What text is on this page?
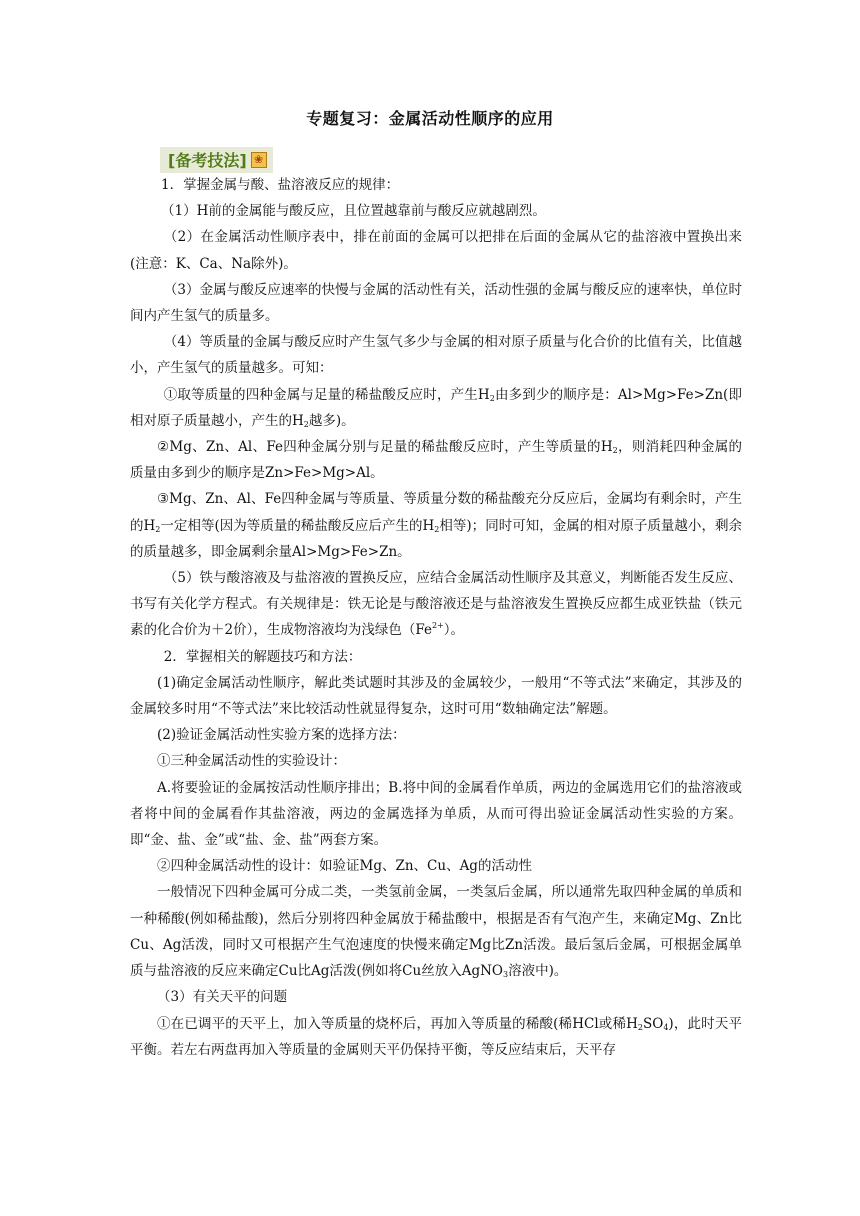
专题复习：金属活动性顺序的应用
[备考技法] ❀

1．掌握金属与酸、盐溶液反应的规律：

（1）H前的金属能与酸反应，且位置越靠前与酸反应就越剧烈。

（2）在金属活动性顺序表中，排在前面的金属可以把排在后面的金属从它的盐溶液中置换出来(注意：K、Ca、Na除外)。

（3）金属与酸反应速率的快慢与金属的活动性有关，活动性强的金属与酸反应的速率快，单位时间内产生氢气的质量多。

（4）等质量的金属与酸反应时产生氢气多少与金属的相对原子质量与化合价的比值有关，比值越小，产生氢气的质量越多。可知：

①取等质量的四种金属与足量的稀盐酸反应时，产生$H_2$由多到少的顺序是：Al>Mg>Fe>Zn(即相对原子质量越小，产生的$H_2$越多)。

②Mg、Zn、Al、Fe四种金属分别与足量的稀盐酸反应时，产生等质量的$H_2$，则消耗四种金属的质量由多到少的顺序是Zn>Fe>Mg>Al。

③Mg、Zn、Al、Fe四种金属与等质量、等质量分数的稀盐酸充分反应后，金属均有剩余时，产生的$H_2$一定相等(因为等质量的稀盐酸反应后产生的$H_2$相等)；同时可知，金属的相对原子质量越小，剩余的质量越多，即金属剩余量Al>Mg>Fe>Zn。

（5）铁与酸溶液及与盐溶液的置换反应，应结合金属活动性顺序及其意义，判断能否发生反应、书写有关化学方程式。有关规律是：铁无论是与酸溶液还是与盐溶液发生置换反应都生成亚铁盐（铁元素的化合价为＋2价），生成物溶液均为浅绿色$(Fe^{2+})$。

2．掌握相关的解题技巧和方法：

(1)确定金属活动性顺序，解此类试题时其涉及的金属较少，一般用“不等式法”来确定，其涉及的金属较多时用“不等式法”来比较活动性就显得复杂，这时可用“数轴确定法”解题。

(2)验证金属活动性实验方案的选择方法：

①三种金属活动性的实验设计：

A.将要验证的金属按活动性顺序排出；B.将中间的金属看作单质，两边的金属选用它们的盐溶液或者将中间的金属看作其盐溶液，两边的金属选择为单质，从而可得出验证金属活动性实验的方案。即“金、盐、金”或“盐、金、盐”两套方案。

②四种金属活动性的设计：如验证Mg、Zn、Cu、Ag的活动性

一般情况下四种金属可分成二类，一类氢前金属，一类氢后金属，所以通常先取四种金属的单质和一种稀酸(例如稀盐酸)，然后分别将四种金属放于稀盐酸中，根据是否有气泡产生，来确定Mg、Zn比Cu、Ag活泼，同时又可根据产生气泡速度的快慢来确定Mg比Zn活泼。最后氢后金属，可根据金属单质与盐溶液的反应来确定Cu比Ag活泼(例如将Cu丝放入AgNO$_3$溶液中)。

（3）有关天平的问题

①在已调平的天平上，加入等质量的烧杯后，再加入等质量的稀酸(稀HCl或稀$H_2SO_4$)，此时天平平衡。若左右两盘再加入等质量的金属则天平仍保持平衡，等反应结束后，天平存
